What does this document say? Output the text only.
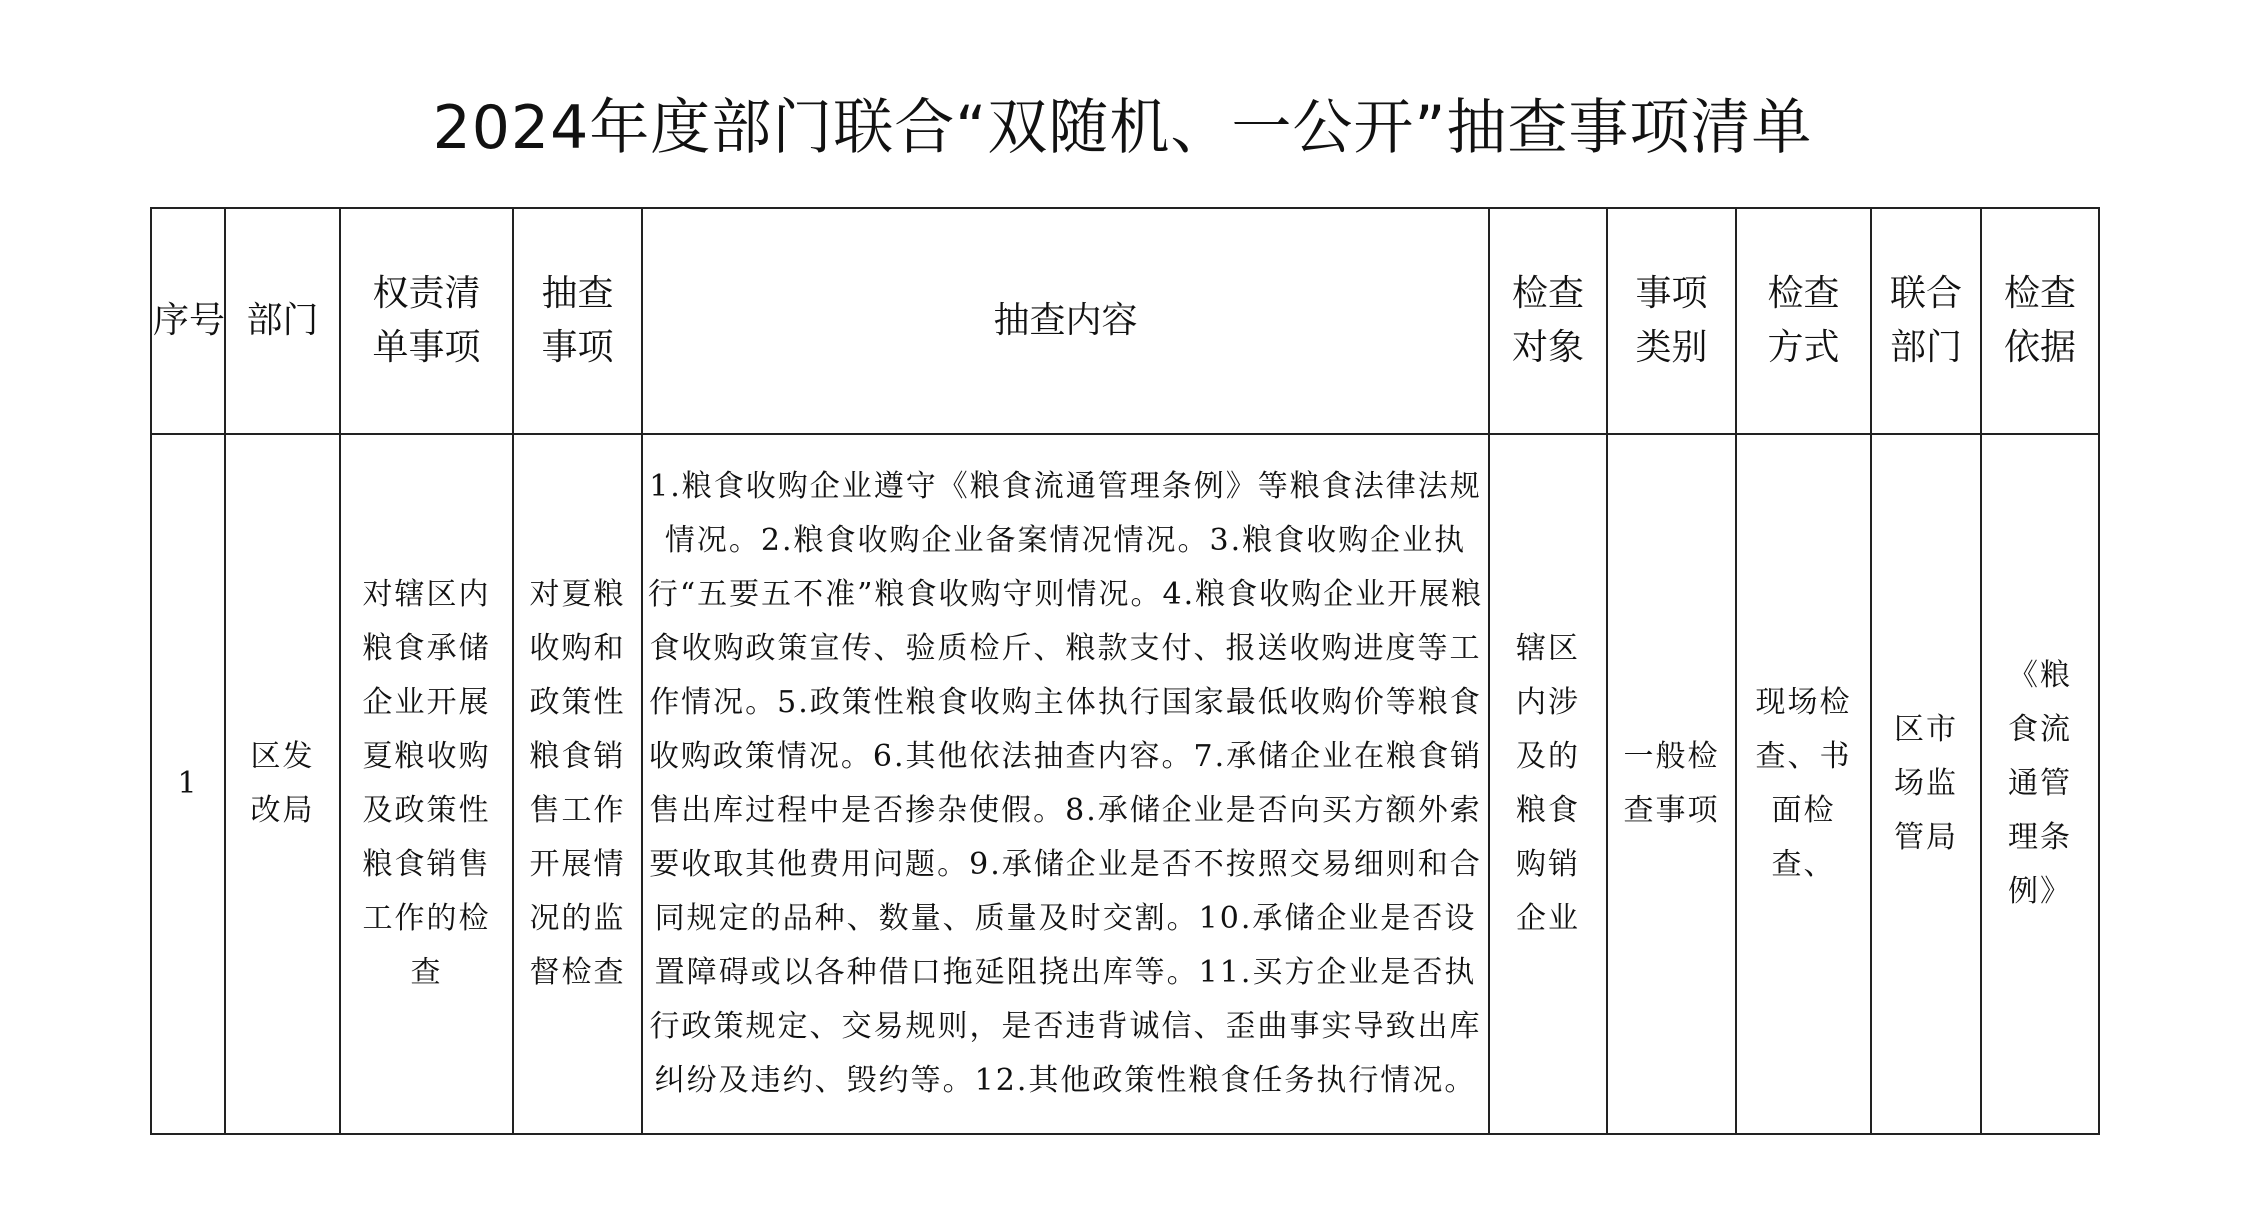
2024年度部门联合“双随机、一公开”抽查事项清单
序号	部门	权责清单事项	抽查事项	抽查内容	检查对象	事项类别	检查方式	联合部门	检查依据
1	区发改局	对辖区内粮食承储企业开展夏粮收购及政策性粮食销售工作的检查	对夏粮收购和政策性粮食销售工作开展情况的监督检查	1.粮食收购企业遵守《粮食流通管理条例》等粮食法律法规情况。2.粮食收购企业备案情况情况。3.粮食收购企业执行“五要五不准”粮食收购守则情况。4.粮食收购企业开展粮食收购政策宣传、验质检斤、粮款支付、报送收购进度等工作情况。5.政策性粮食收购主体执行国家最低收购价等粮食收购政策情况。6.其他依法抽查内容。7.承储企业在粮食销售出库过程中是否掺杂使假。8.承储企业是否向买方额外索要收取其他费用问题。9.承储企业是否不按照交易细则和合同规定的品种、数量、质量及时交割。10.承储企业是否设置障碍或以各种借口拖延阻挠出库等。11.买方企业是否执行政策规定、交易规则，是否违背诚信、歪曲事实导致出库纠纷及违约、毁约等。12.其他政策性粮食任务执行情况。	辖区内涉及的粮食购销企业	一般检查事项	现场检查、书面检查、	区市场监管局	《粮食流通管理条例》
